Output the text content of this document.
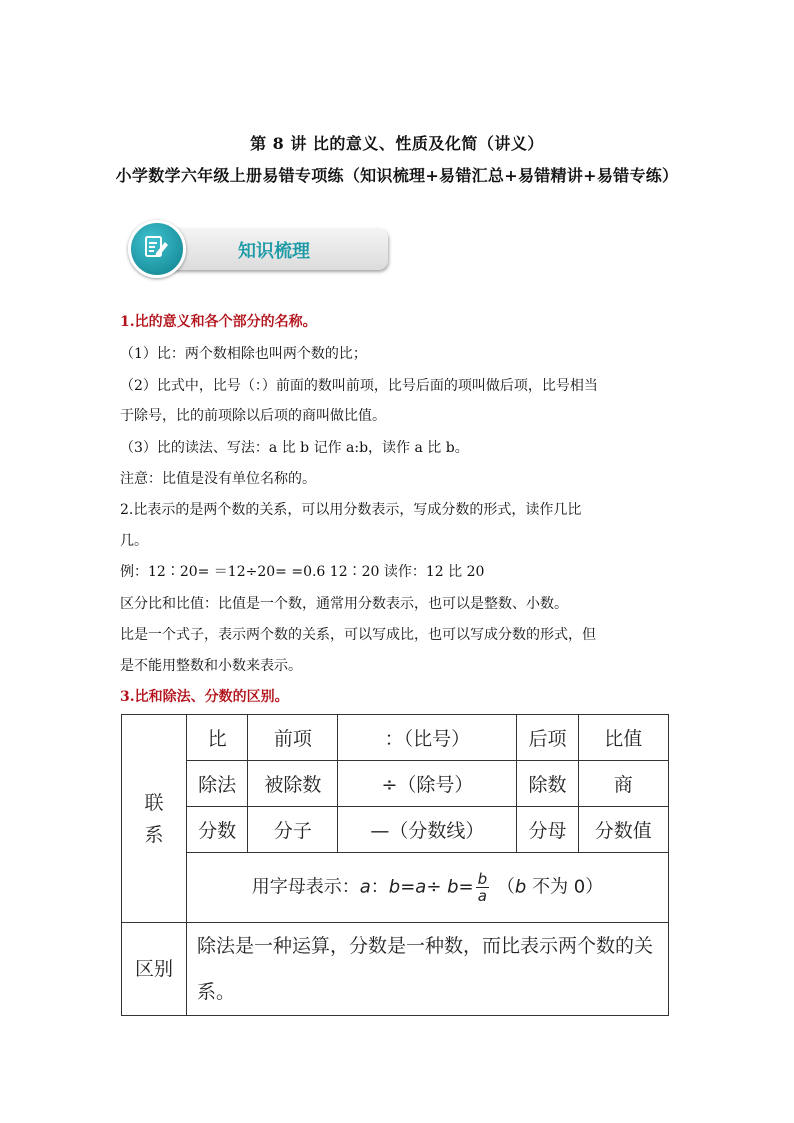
第 8 讲 比的意义、性质及化简（讲义）
小学数学六年级上册易错专项练（知识梳理+易错汇总+易错精讲+易错专练）
知识梳理
1.比的意义和各个部分的名称。
（1）比：两个数相除也叫两个数的比；
（2）比式中，比号（：）前面的数叫前项，比号后面的项叫做后项，比号相当
于除号，比的前项除以后项的商叫做比值。
（3）比的读法、写法：a 比 b 记作 a:b，读作 a 比 b。
注意：比值是没有单位名称的。
2.比表示的是两个数的关系，可以用分数表示，写成分数的形式，读作几比
几。
例：12∶20= ＝12÷20= =0.6 12∶20 读作：12 比 20
区分比和比值：比值是一个数，通常用分数表示，也可以是整数、小数。
比是一个式子，表示两个数的关系，可以写成比，也可以写成分数的形式，但
是不能用整数和小数来表示。
3.比和除法、分数的区别。
联系	比	前项	：（比号）	后项	比值
	除法	被除数	÷（除号）	除数	商
	分数	分子	—（分数线）	分母	分数值
	用字母表示：a：$b=a\div b= \frac{b}{a} (b$ 不为 0）				
区别	除法是一种运算，分数是一种数，而比表示两个数的关系。				
